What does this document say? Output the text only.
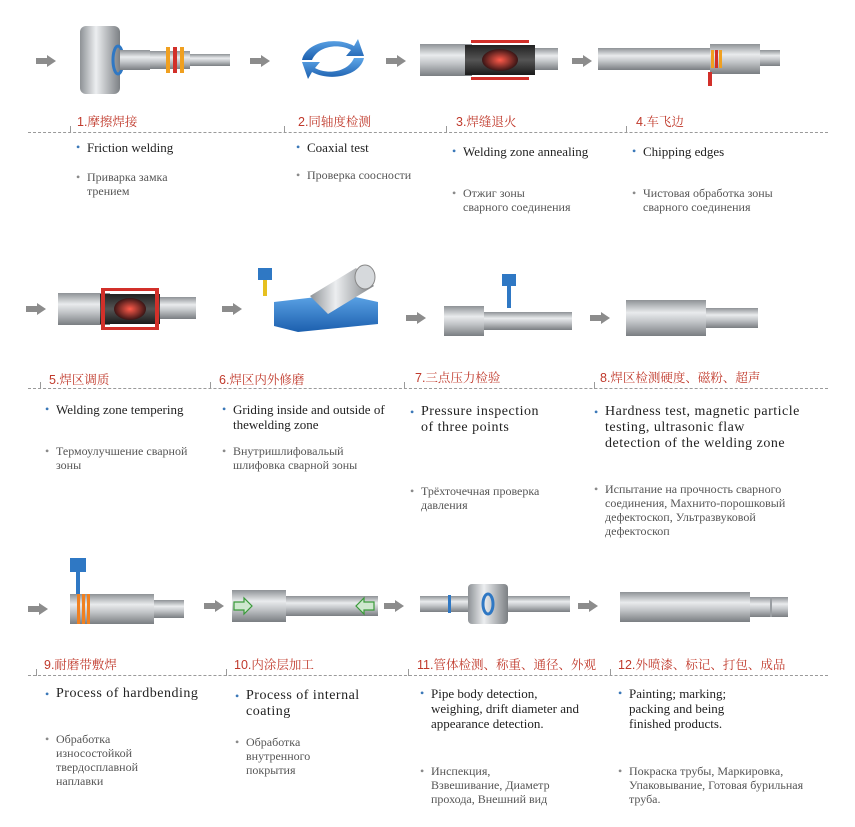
1.摩擦焊接	2.同轴度检测	3.焊缝退火	4.车飞边
• Friction welding
• Приварка замка трением
• Coaxial test
• Проверка соосности
• Welding zone annealing
• Отжиг зоны сварного соединения
• Chipping edges
• Чистовая обработка зоны сварного соединения
5.焊区调质	6.焊区内外修磨	7.三点压力检验	8.焊区检测硬度、磁粉、超声
• Welding zone tempering
• Термоулучшение сварной зоны
• Griding inside and outside of thewelding zone
• Внутришлифовальый шлифовка сварной зоны
• Pressure inspection of three points
• Трёхточечная проверка давления
• Hardness test, magnetic particle testing, ultrasonic flaw detection of the welding zone
• Испытание на прочность сварного соединения, Махнито-порошковый дефектоскоп, Ультразвуковой дефектоскоп
9.耐磨带敷焊	10.内涂层加工	11.管体检测、称重、通径、外观 12.外喷漆、标记、打包、成品
• Process of hardbending
• Обработка износостойкой твердосплавной наплавки
• Process of internal coating
• Обработка внутренного покрытия
• Pipe body detection, weighing, drift diameter and appearance detection.
• Инспекция, Взвешивание, Диаметр прохода, Внешний вид
• Painting; marking; packing and being finished products.
• Покраска трубы, Маркировка, Упаковывание, Готовая бурильная труба.
